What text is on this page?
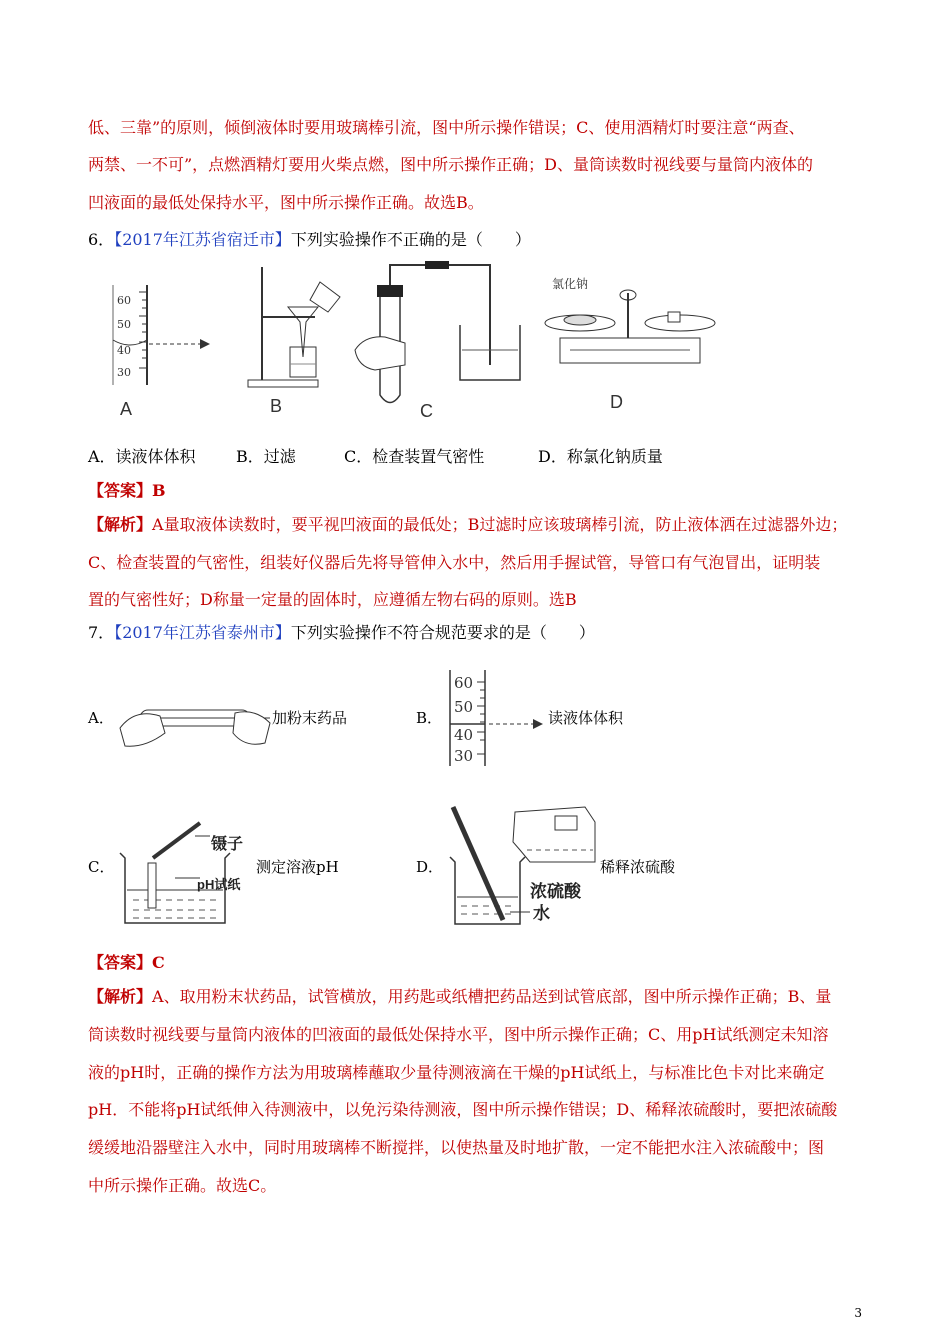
低、三靠”的原则，倾倒液体时要用玻璃棒引流，图中所示操作错误；C、使用酒精灯时要注意“两查、
两禁、一不可”，点燃酒精灯要用火柴点燃，图中所示操作正确；D、量筒读数时视线要与量筒内液体的
凹液面的最低处保持水平，图中所示操作正确。故选B。
6．【2017年江苏省宿迁市】下列实验操作不正确的是（　　）
60
50
40
30
A	B	C
氯化钠
D
A．读液体体积	B．过滤	C．检查装置气密性	D．称氯化钠质量
【答案】B
【解析】A量取液体读数时，要平视凹液面的最低处；B过滤时应该玻璃棒引流，防止液体洒在过滤器外边；
C、检查装置的气密性，组装好仪器后先将导管伸入水中，然后用手握试管，导管口有气泡冒出，证明装
置的气密性好；D称量一定量的固体时，应遵循左物右码的原则。选B
7．【2017年江苏省泰州市】下列实验操作不符合规范要求的是（　　）
A．	加粉末药品	B．
60
50
40
30
读液体体积
C．
镊子
pH试纸
测定溶液pH	D．
浓硫酸
水
稀释浓硫酸
【答案】C
【解析】A、取用粉末状药品，试管横放，用药匙或纸槽把药品送到试管底部，图中所示操作正确；B、量
筒读数时视线要与量筒内液体的凹液面的最低处保持水平，图中所示操作正确；C、用pH试纸测定未知溶
液的pH时，正确的操作方法为用玻璃棒蘸取少量待测液滴在干燥的pH试纸上，与标准比色卡对比来确定
pH．不能将pH试纸伸入待测液中，以免污染待测液，图中所示操作错误；D、稀释浓硫酸时，要把浓硫酸
缓缓地沿器壁注入水中，同时用玻璃棒不断搅拌，以使热量及时地扩散，一定不能把水注入浓硫酸中；图
中所示操作正确。故选C。
3
